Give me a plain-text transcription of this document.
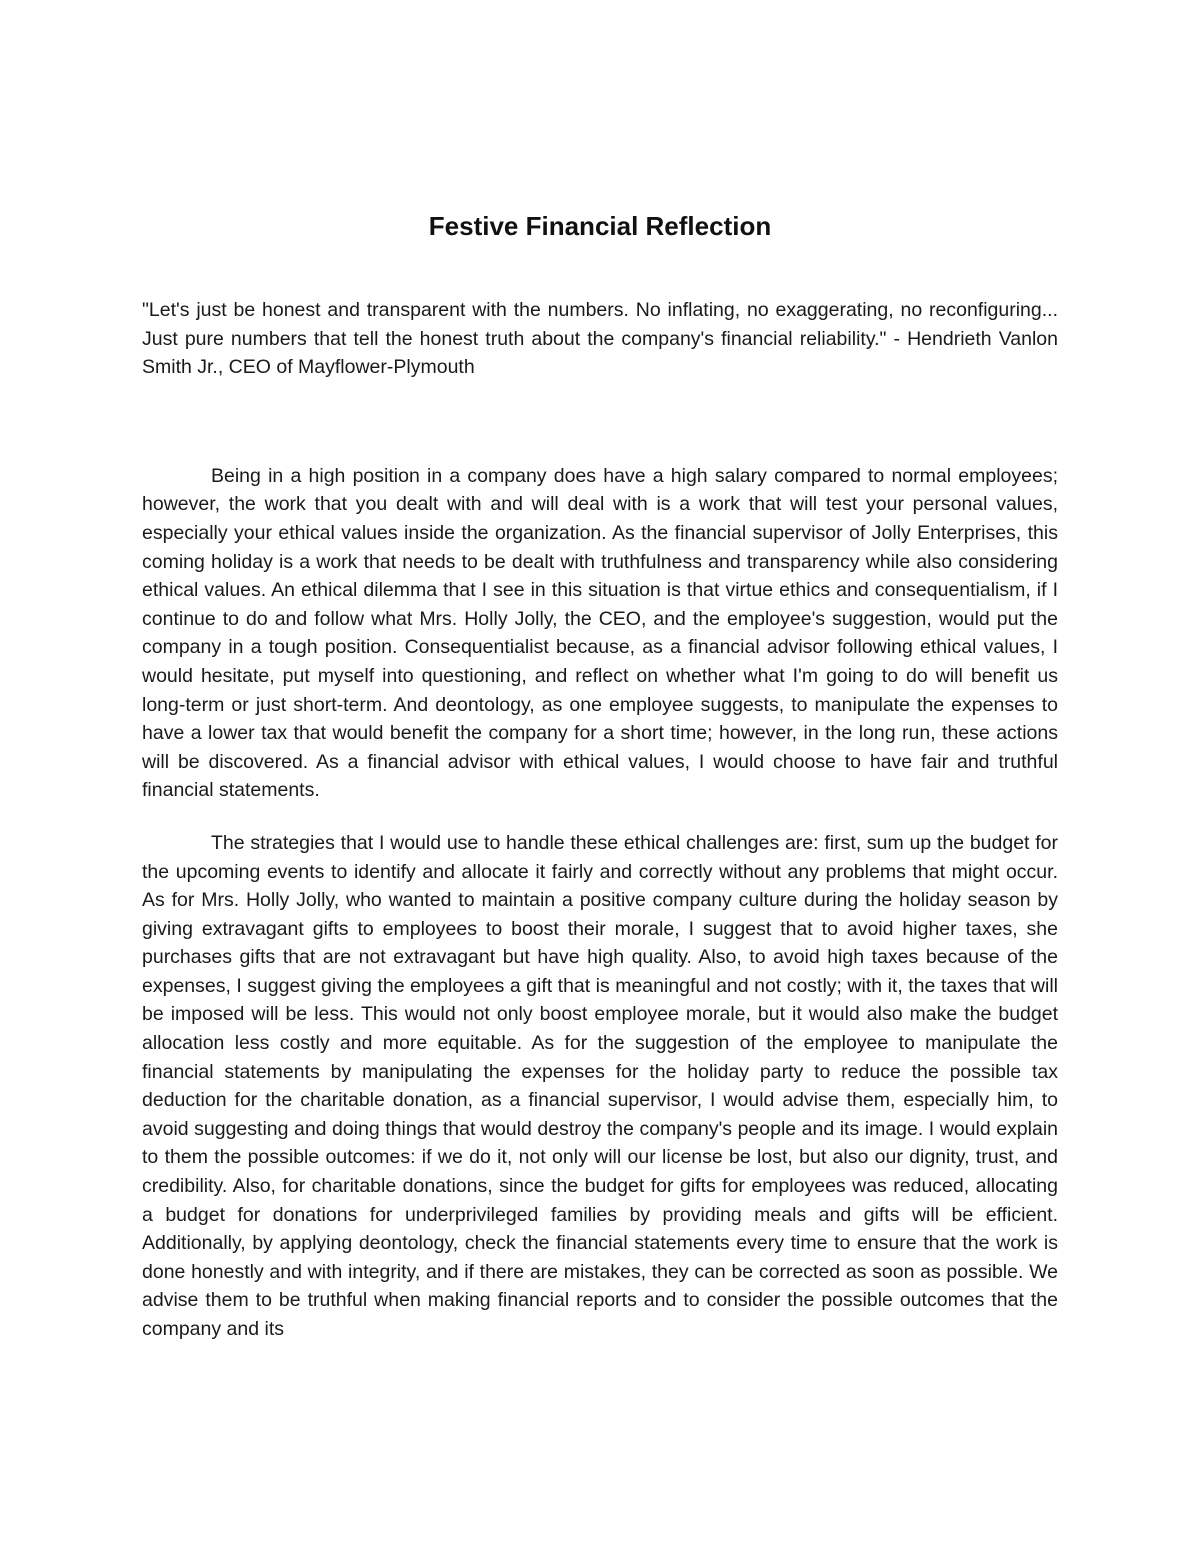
Festive Financial Reflection

"Let's just be honest and transparent with the numbers. No inflating, no exaggerating, no reconfiguring... Just pure numbers that tell the honest truth about the company's financial reliability." - Hendrieth Vanlon Smith Jr., CEO of Mayflower-Plymouth

Being in a high position in a company does have a high salary compared to normal employees; however, the work that you dealt with and will deal with is a work that will test your personal values, especially your ethical values inside the organization. As the financial supervisor of Jolly Enterprises, this coming holiday is a work that needs to be dealt with truthfulness and transparency while also considering ethical values. An ethical dilemma that I see in this situation is that virtue ethics and consequentialism, if I continue to do and follow what Mrs. Holly Jolly, the CEO, and the employee's suggestion, would put the company in a tough position. Consequentialist because, as a financial advisor following ethical values, I would hesitate, put myself into questioning, and reflect on whether what I'm going to do will benefit us long-term or just short-term. And deontology, as one employee suggests, to manipulate the expenses to have a lower tax that would benefit the company for a short time; however, in the long run, these actions will be discovered. As a financial advisor with ethical values, I would choose to have fair and truthful financial statements.

The strategies that I would use to handle these ethical challenges are: first, sum up the budget for the upcoming events to identify and allocate it fairly and correctly without any problems that might occur. As for Mrs. Holly Jolly, who wanted to maintain a positive company culture during the holiday season by giving extravagant gifts to employees to boost their morale, I suggest that to avoid higher taxes, she purchases gifts that are not extravagant but have high quality. Also, to avoid high taxes because of the expenses, I suggest giving the employees a gift that is meaningful and not costly; with it, the taxes that will be imposed will be less. This would not only boost employee morale, but it would also make the budget allocation less costly and more equitable. As for the suggestion of the employee to manipulate the financial statements by manipulating the expenses for the holiday party to reduce the possible tax deduction for the charitable donation, as a financial supervisor, I would advise them, especially him, to avoid suggesting and doing things that would destroy the company's people and its image. I would explain to them the possible outcomes: if we do it, not only will our license be lost, but also our dignity, trust, and credibility. Also, for charitable donations, since the budget for gifts for employees was reduced, allocating a budget for donations for underprivileged families by providing meals and gifts will be efficient. Additionally, by applying deontology, check the financial statements every time to ensure that the work is done honestly and with integrity, and if there are mistakes, they can be corrected as soon as possible. We advise them to be truthful when making financial reports and to consider the possible outcomes that the company and its
